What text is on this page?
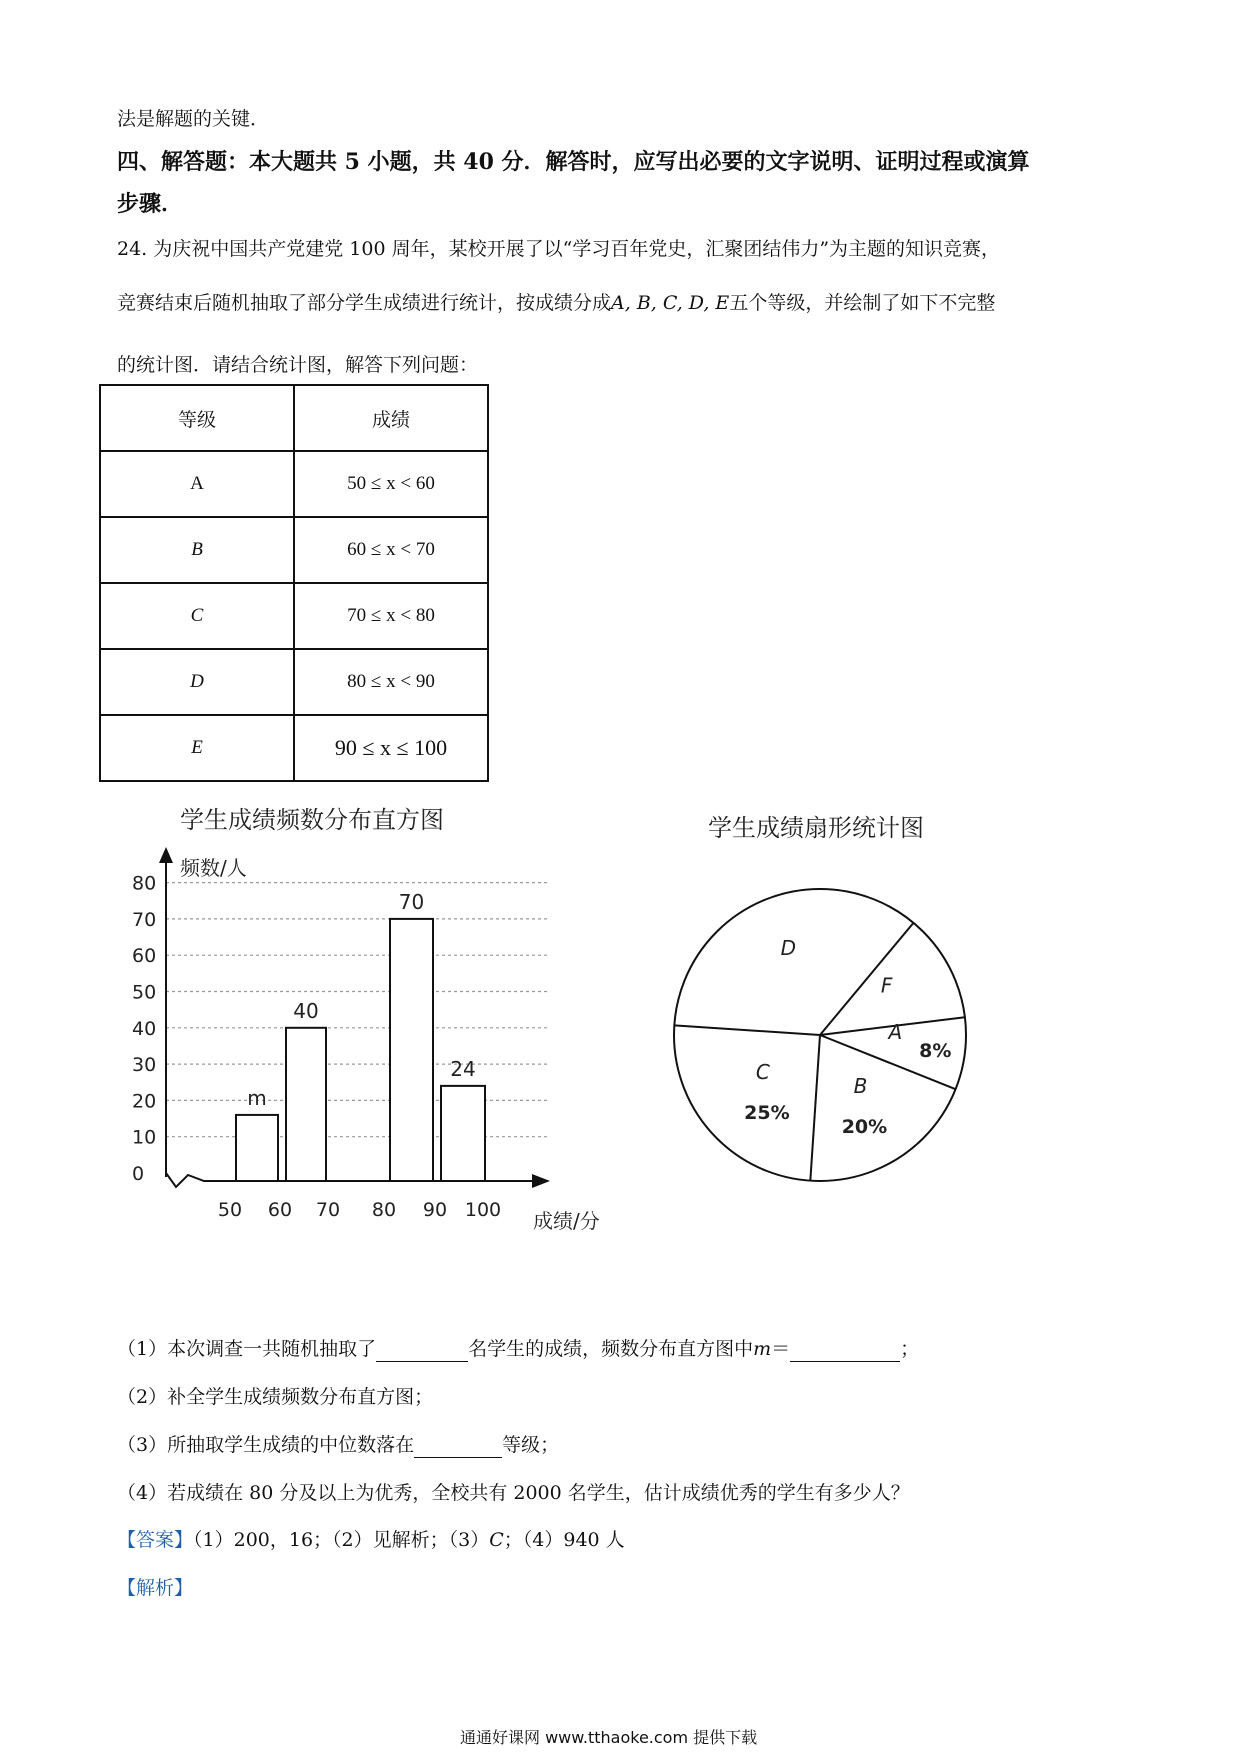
法是解题的关键．
四、解答题：本大题共 5 小题，共 40 分．解答时，应写出必要的文字说明、证明过程或演算
步骤．
24. 为庆祝中国共产党建党 100 周年，某校开展了以“学习百年党史，汇聚团结伟力”为主题的知识竞赛，
竞赛结束后随机抽取了部分学生成绩进行统计，按成绩分成A, B, C, D, E五个等级，并绘制了如下不完整
的统计图．请结合统计图，解答下列问题：
等级	成绩
A	50 ≤ x < 60
B	60 ≤ x < 70
C	70 ≤ x < 80
D	80 ≤ x < 90
E	90 ≤ x ≤ 100
学生成绩频数分布直方图	学生成绩扇形统计图
0
10
20
30
40
50
60
70
80
50 60 70 80 90 100
m
40
70
24
频数/人
成绩/分
A
8%
B
20%
C
25%
D
F
（1）本次调查一共随机抽取了	名学生的成绩，频数分布直方图中m＝	；
（2）补全学生成绩频数分布直方图；
（3）所抽取学生成绩的中位数落在	等级；
（4）若成绩在 80 分及以上为优秀，全校共有 2000 名学生，估计成绩优秀的学生有多少人？
【答案】（1）200，16；（2）见解析；（3）C；（4）940 人
【解析】
通通好课网 www.tthaoke.com 提供下载
